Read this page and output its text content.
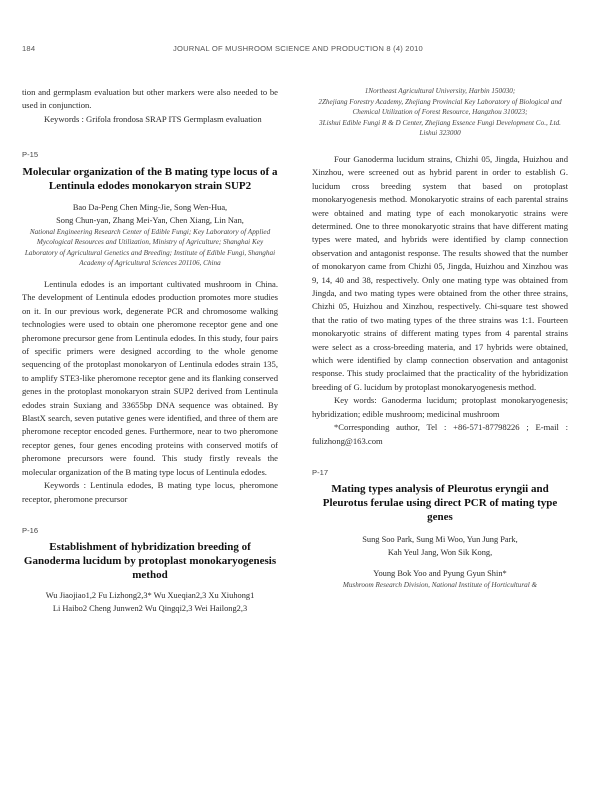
184	JOURNAL OF MUSHROOM SCIENCE AND PRODUCTION 8 (4) 2010

tion and germplasm evaluation but other markers were also needed to be used in conjunction.

Keywords : Grifola frondosa SRAP ITS Germplasm evaluation

P-15
Molecular organization of the B mating type locus of a Lentinula edodes monokaryon strain SUP2
Bao Da-Peng Chen Ming-Jie, Song Wen-Hua,
Song Chun-yan, Zhang Mei-Yan, Chen Xiang, Lin Nan,
National Engineering Research Center of Edible Fungi; Key Laboratory of Applied Mycological Resources and Utilization, Ministry of Agriculture; Shanghai Key Laboratory of Agricultural Genetics and Breeding; Institute of Edible Fungi, Shanghai Academy of Agricultural Sciences 201106, China

Lentinula edodes is an important cultivated mushroom in China. The development of Lentinula edodes production promotes more studies on it. In our previous work, degenerate PCR and chromosome walking technologies were used to obtain one pheromone receptor gene and one pheromone precursor gene from Lentinula edodes. In this study, four pairs of specific primers were designed according to the whole genome sequencing of the protoplast monokaryon of Lentinula edodes strain 135, to amplify STE3-like pheromone receptor gene and its flanking conserved genes in the protoplast monokaryon strain SUP2 derived from Lentinula edodes strain Suxiang and 33655bp DNA sequence was obtained. By BlastX search, seven putative genes were identified, and three of them are pheromone receptor encoded genes. Furthermore, near to two pheromone receptor genes, four genes encoding proteins with conserved motifs of pheromone precursors were found. This study firstly reveals the molecular organization of the B mating type locus of Lentinula edodes.

Keywords : Lentinula edodes, B mating type locus, pheromone receptor, pheromone precursor

P-16
Establishment of hybridization breeding of Ganoderma lucidum by protoplast monokaryogenesis method
Wu Jiaojiao1,2 Fu Lizhong2,3* Wu Xueqian2,3 Xu Xiuhong1
Li Haibo2 Cheng Junwen2 Wu Qingqi2,3 Wei Hailong2,3
1Northeast Agricultural University, Harbin 150030;
2Zhejiang Forestry Academy, Zhejiang Provincial Key Laboratory of Biological and Chemical Utilization of Forest Resource, Hangzhou 310023;
3Lishui Edible Fungi R & D Center, Zhejiang Essence Fungi Development Co., Ltd. Lishui 323000

Four Ganoderma lucidum strains, Chizhi 05, Jingda, Huizhou and Xinzhou, were screened out as hybrid parent in order to establish G. lucidum cross breeding system that based on protoplast monokaryogenesis method. Monokaryotic strains of each parental strains were obtained and mating type of each monokaryotic strains were determined. One to three monokaryotic strains that have different mating types were mated, and hybrids were identified by clamp connection observation and antagonist response. The results showed that the number of monokaryon came from Chizhi 05, Jingda, Huizhou and Xinzhou was 9, 14, 40 and 38, respectively. Only one mating type was obtained from Jingda, and two mating types were obtained from the other three strains, Chizhi 05, Huizhou and Xinzhou, respectively. Chi-square test showed that the ratio of two mating types of the three strains was 1:1. Fourteen monokaryotic strains of different mating types from 4 parental strains were select as a cross-breeding materia, and 17 hybrids were obtained, which were identified by clamp connection observation and antagonist response. This study proclaimed that the practicality of the hybridization breeding of G. lucidum by protoplast monokaryogenesis method.

Key words: Ganoderma lucidum; protoplast monokaryogenesis; hybridization; edible mushroom; medicinal mushroom

*Corresponding author, Tel : +86-571-87798226 ; E-mail : fulizhong@163.com

P-17
Mating types analysis of Pleurotus eryngii and Pleurotus ferulae using direct PCR of mating type genes
Sung Soo Park, Sung Mi Woo, Yun Jung Park,
Kah Yeul Jang, Won Sik Kong,
Young Bok Yoo and Pyung Gyun Shin*
Mushroom Research Division, National Institute of Horticultural &
